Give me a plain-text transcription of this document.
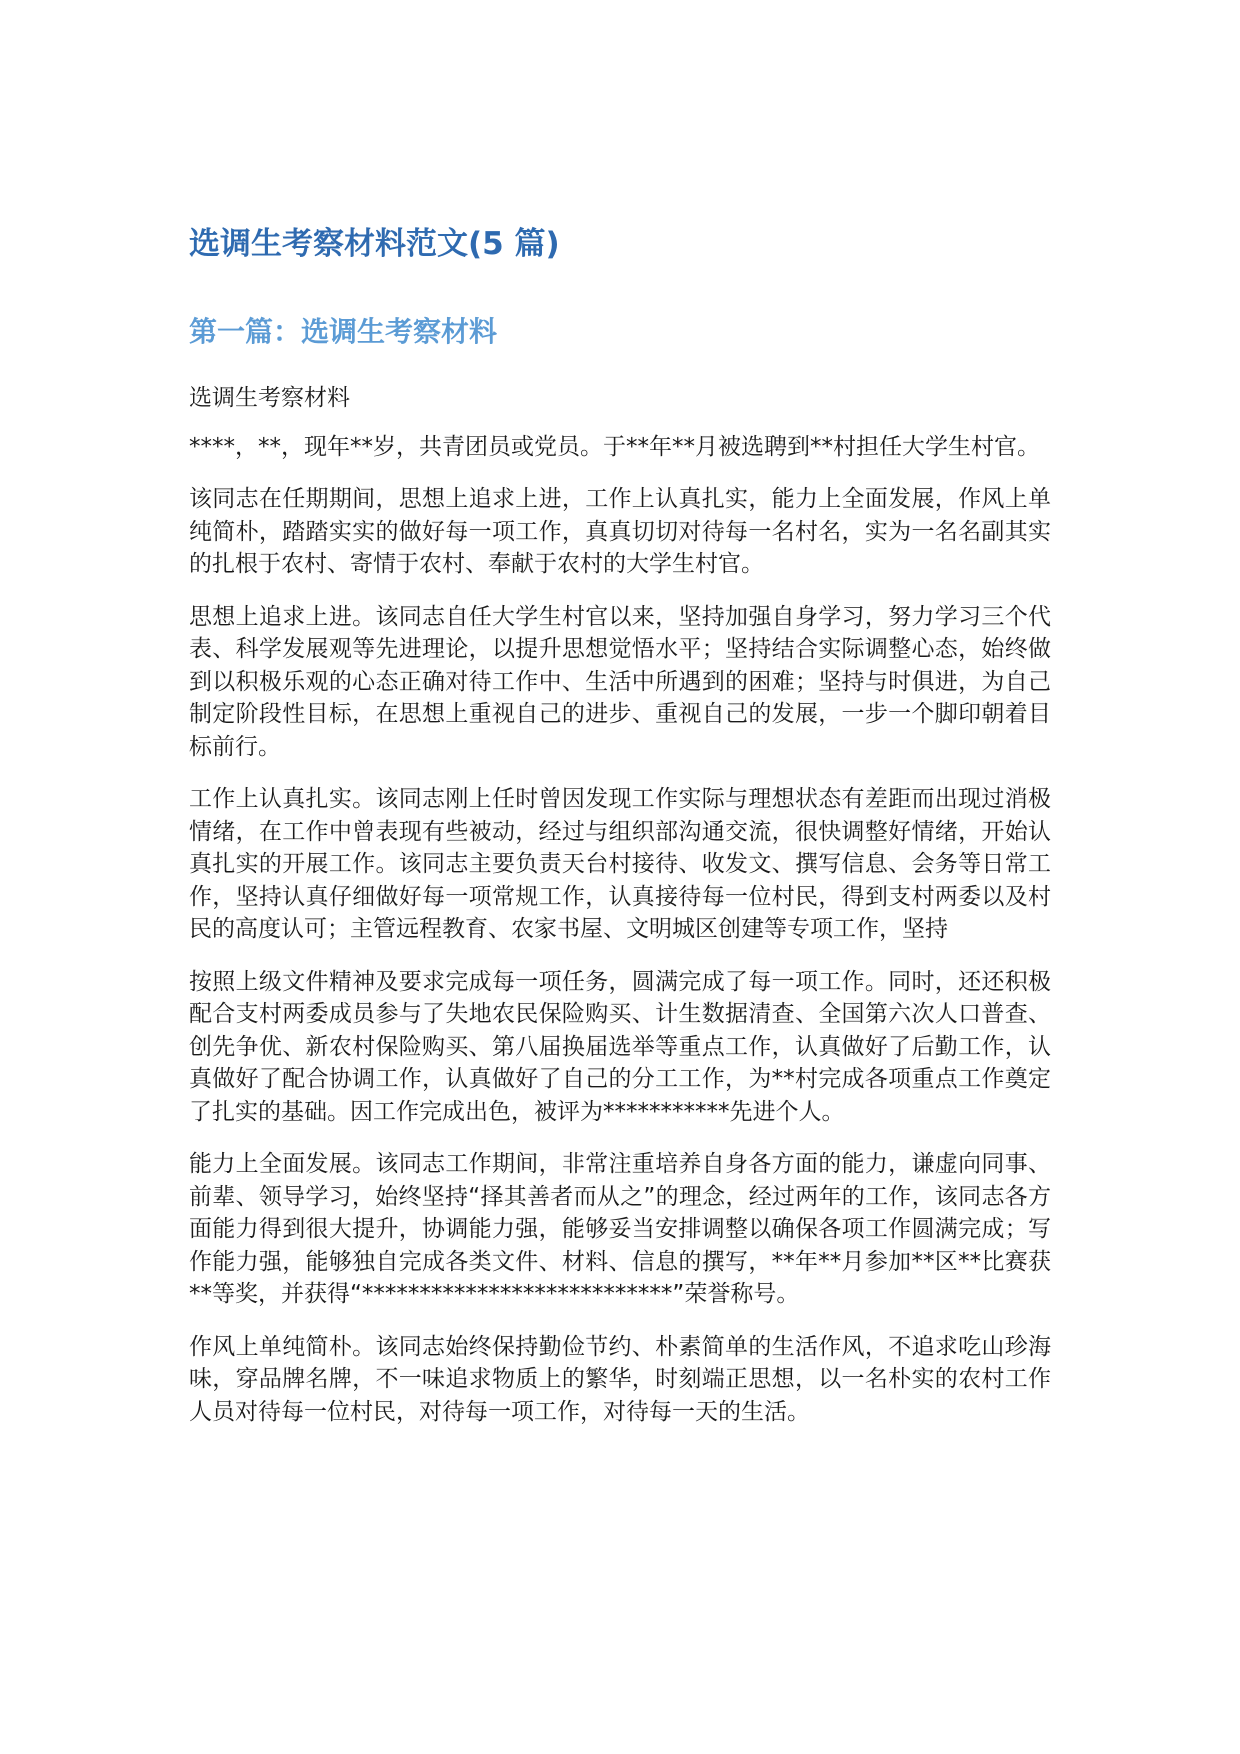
选调生考察材料范文(5 篇)
第一篇：选调生考察材料

选调生考察材料

****，**，现年**岁，共青团员或党员。于**年**月被选聘到**村担任大学生村官。

该同志在任期期间，思想上追求上进，工作上认真扎实，能力上全面发展，作风上单纯简朴，踏踏实实的做好每一项工作，真真切切对待每一名村名，实为一名名副其实的扎根于农村、寄情于农村、奉献于农村的大学生村官。

思想上追求上进。该同志自任大学生村官以来，坚持加强自身学习，努力学习三个代表、科学发展观等先进理论，以提升思想觉悟水平；坚持结合实际调整心态，始终做到以积极乐观的心态正确对待工作中、生活中所遇到的困难；坚持与时俱进，为自己制定阶段性目标，在思想上重视自己的进步、重视自己的发展，一步一个脚印朝着目标前行。

工作上认真扎实。该同志刚上任时曾因发现工作实际与理想状态有差距而出现过消极情绪，在工作中曾表现有些被动，经过与组织部沟通交流，很快调整好情绪，开始认真扎实的开展工作。该同志主要负责天台村接待、收发文、撰写信息、会务等日常工作，坚持认真仔细做好每一项常规工作，认真接待每一位村民，得到支村两委以及村民的高度认可；主管远程教育、农家书屋、文明城区创建等专项工作，坚持

按照上级文件精神及要求完成每一项任务，圆满完成了每一项工作。同时，还还积极配合支村两委成员参与了失地农民保险购买、计生数据清查、全国第六次人口普查、创先争优、新农村保险购买、第八届换届选举等重点工作，认真做好了后勤工作，认真做好了配合协调工作，认真做好了自己的分工工作，为**村完成各项重点工作奠定了扎实的基础。因工作完成出色，被评为***********先进个人。

能力上全面发展。该同志工作期间，非常注重培养自身各方面的能力，谦虚向同事、前辈、领导学习，始终坚持“择其善者而从之”的理念，经过两年的工作，该同志各方面能力得到很大提升，协调能力强，能够妥当安排调整以确保各项工作圆满完成；写作能力强，能够独自完成各类文件、材料、信息的撰写，**年**月参加**区**比赛获**等奖，并获得“***************************”荣誉称号。

作风上单纯简朴。该同志始终保持勤俭节约、朴素简单的生活作风，不追求吃山珍海味，穿品牌名牌，不一味追求物质上的繁华，时刻端正思想，以一名朴实的农村工作人员对待每一位村民，对待每一项工作，对待每一天的生活。
